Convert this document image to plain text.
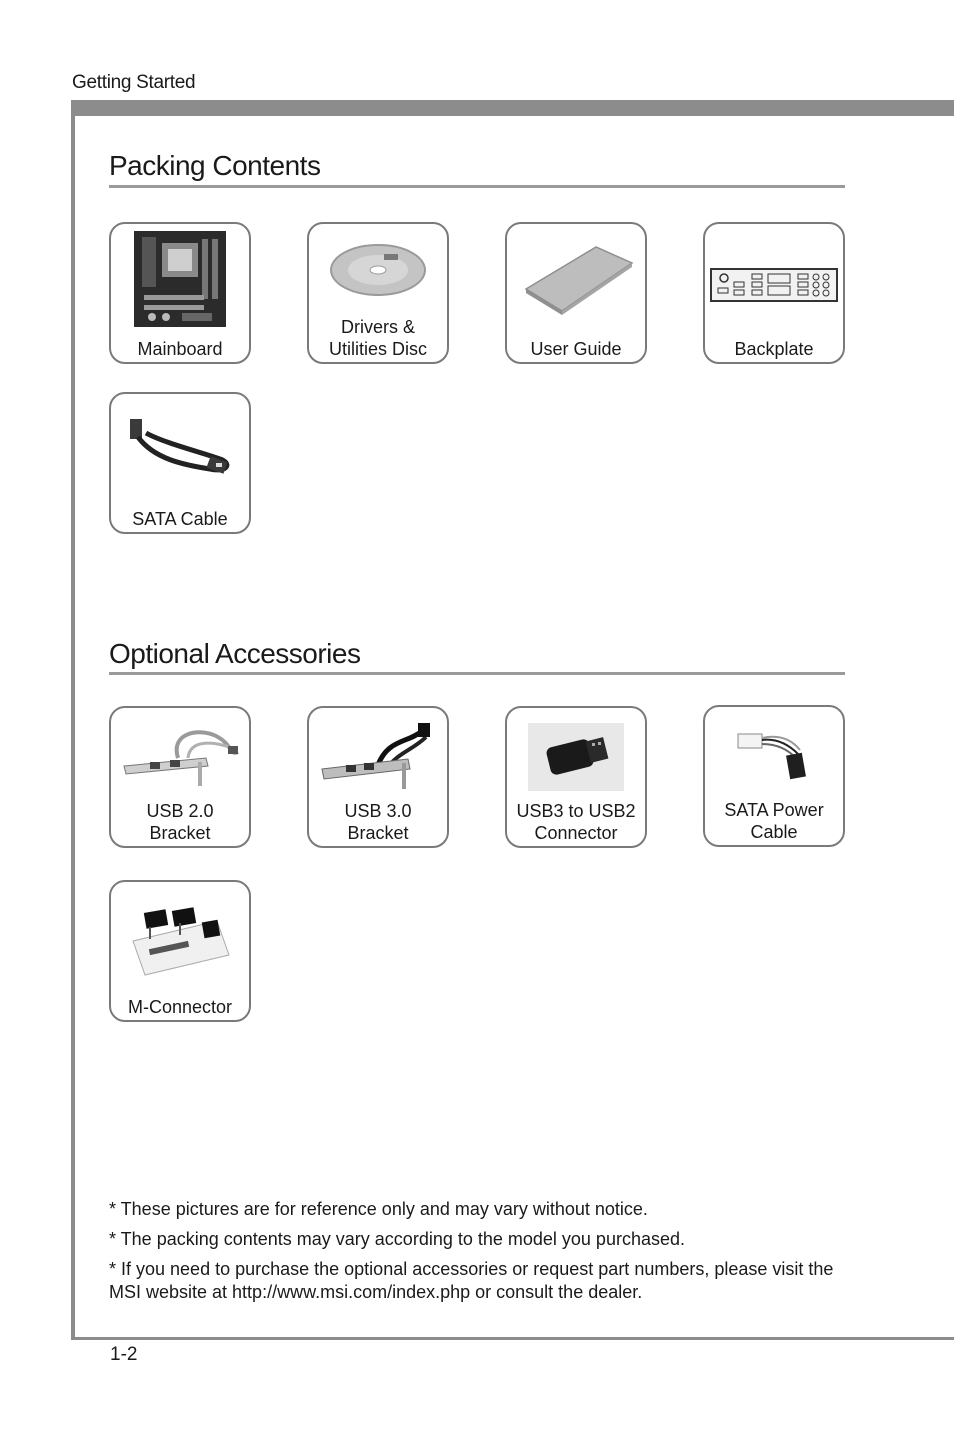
Getting Started
Packing Contents
Mainboard
Drivers &
Utilities Disc	User Guide	Backplate
SATA Cable
Optional Accessories
USB 2.0
Bracket
USB 3.0
Bracket
USB3 to USB2
Connector
SATA Power
Cable
M-Connector

* These pictures are for reference only and may vary without notice.

* The packing contents may vary according to the model you purchased.

* If you need to purchase the optional accessories or request part numbers, please visit the MSI website at http://www.msi.com/index.php or consult the dealer.

1-2
